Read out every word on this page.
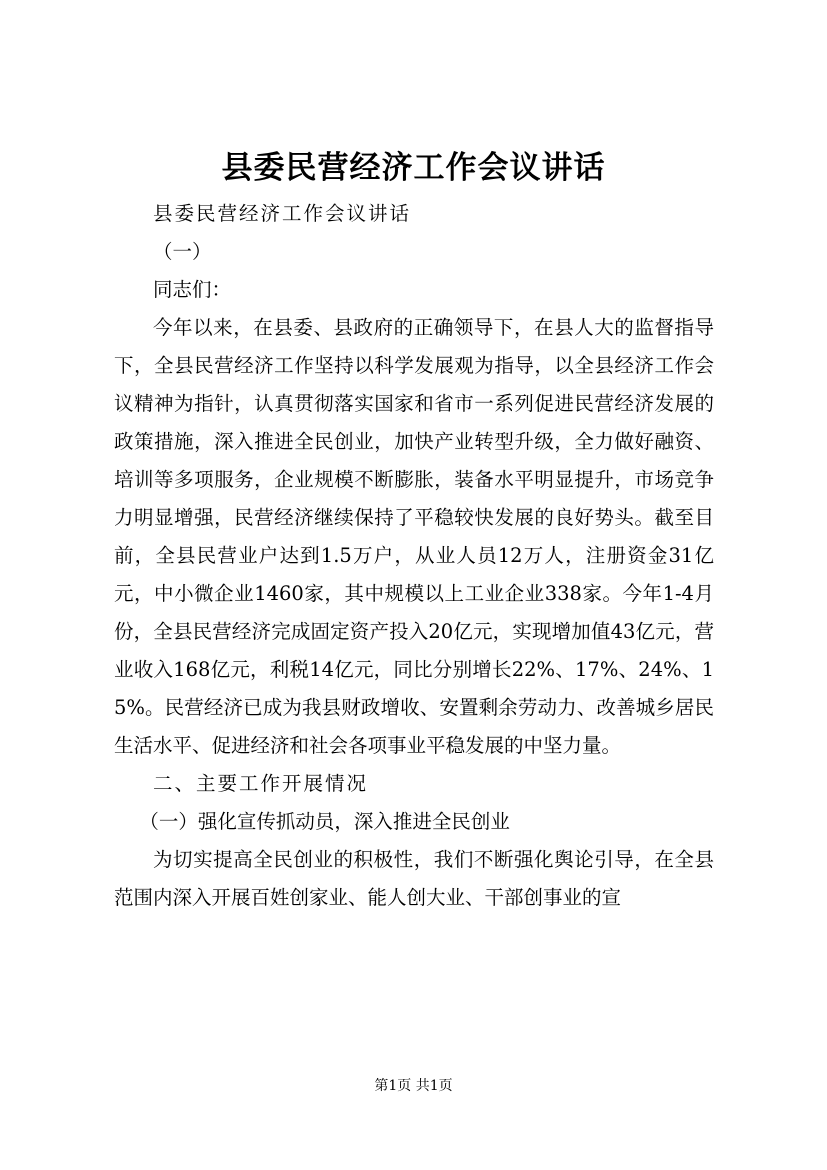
县委民营经济工作会议讲话

县委民营经济工作会议讲话

（一）

同志们：

今年以来，在县委、县政府的正确领导下，在县人大的监督指导下，全县民营经济工作坚持以科学发展观为指导，以全县经济工作会议精神为指针，认真贯彻落实国家和省市一系列促进民营经济发展的政策措施，深入推进全民创业，加快产业转型升级，全力做好融资、培训等多项服务，企业规模不断膨胀，装备水平明显提升，市场竞争力明显增强，民营经济继续保持了平稳较快发展的良好势头。截至目前，全县民营业户达到1.5万户，从业人员12万人，注册资金31亿元，中小微企业1460家，其中规模以上工业企业338家。今年1-4月份，全县民营经济完成固定资产投入20亿元，实现增加值43亿元，营业收入168亿元，利税14亿元，同比分别增长22%、17%、24%、15%。民营经济已成为我县财政增收、安置剩余劳动力、改善城乡居民生活水平、促进经济和社会各项事业平稳发展的中坚力量。

二、主要工作开展情况

（一）强化宣传抓动员，深入推进全民创业

为切实提高全民创业的积极性，我们不断强化舆论引导，在全县范围内深入开展百姓创家业、能人创大业、干部创事业的宣

第1页 共1页
